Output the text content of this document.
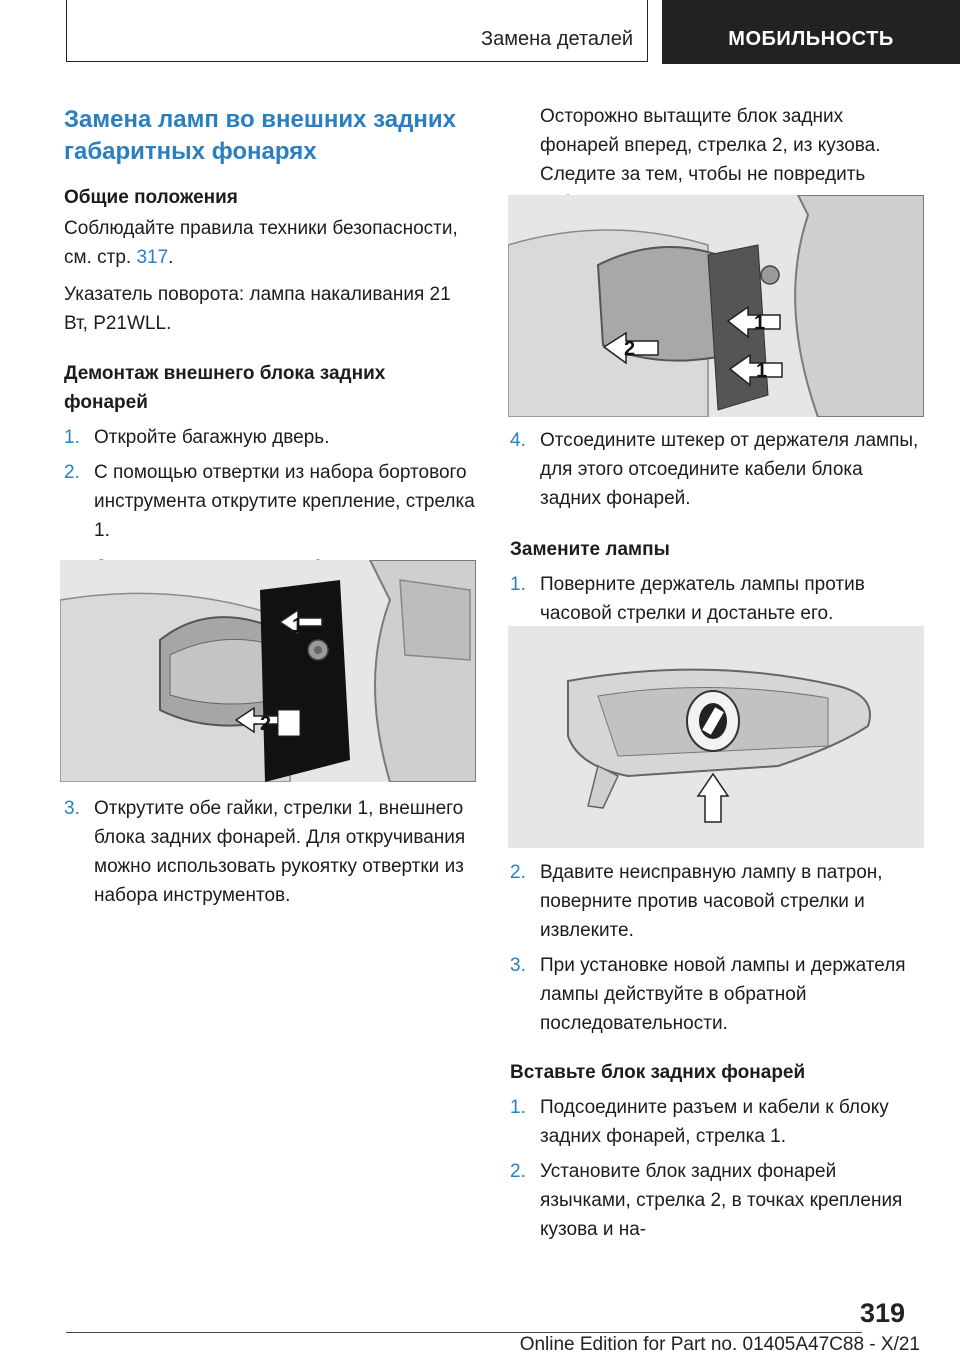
Замена деталей	МОБИЛЬНОСТЬ
Замена ламп во внешних задних
габаритных фонарях
Общие положения

Соблюдайте правила техники безопасности, см. стр. 317.

Указатель поворота: лампа накаливания 21 Вт, P21WLL.

Демонтаж внешнего блока задних
фонарей
1. Откройте багажную дверь.
2. С помощью отвертки из набора бортового инструмента открутите крепление, стрелка 1.
1
2
3. Открутите обе гайки, стрелки 1, внешнего блока задних фонарей. Для откручивания можно использовать рукоятку отвертки из набора инструментов.

Осторожно вытащите блок задних фонарей вперед, стрелка 2, из кузова. Следите за тем, чтобы не повредить

1
1
2
4. Отсоедините штекер от держателя лампы, для этого отсоедините кабели блока задних фонарей.
Замените лампы
1. Поверните держатель лампы против часовой стрелки и достаньте его.
2. Вдавите неисправную лампу в патрон, поверните против часовой стрелки и извлеките.
3. При установке новой лампы и держателя лампы действуйте в обратной последовательности.
Вставьте блок задних фонарей
1. Подсоедините разъем и кабели к блоку задних фонарей, стрелка 1.
2. Установите блок задних фонарей язычками, стрелка 2, в точках крепления кузова и на-
319
Online Edition for Part no. 01405A47C88 - X/21
